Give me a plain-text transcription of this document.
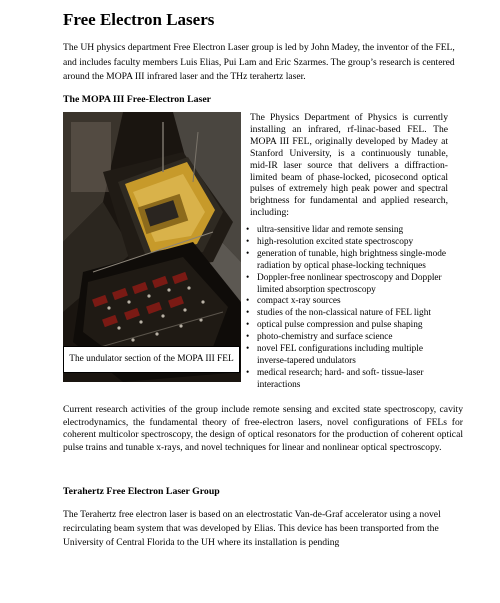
Free Electron Lasers

The UH physics department Free Electron Laser group is led by John Madey, the inventor of the FEL, and includes faculty members Luis Elias, Pui Lam and Eric Szarmes. The group’s research is centered around the MOPA III infrared laser and the THz terahertz laser.

The MOPA III Free-Electron Laser
The undulator section of the MOPA III FEL

The Physics Department of Physics is currently installing an infrared, rf-linac-based FEL. The MOPA III FEL, originally developed by Madey at Stanford University, is a continuously tunable, mid-IR laser source that delivers a diffraction-limited beam of phase-locked, picosecond optical pulses of extremely high peak power and spectral brightness for fundamental and applied research, including:

• ultra-sensitive lidar and remote sensing
• high-resolution excited state spectroscopy
• generation of tunable, high brightness single-mode radiation by optical phase-locking techniques
• Doppler-free nonlinear spectroscopy and Doppler limited absorption spectroscopy
• compact x-ray sources
• studies of the non-classical nature of FEL light
• optical pulse compression and pulse shaping
• photo-chemistry and surface science
• novel FEL configurations including multiple inverse-tapered undulators
• medical research; hard- and soft- tissue-laser interactions

Current research activities of the group include remote sensing and excited state spectroscopy, cavity electrodynamics, the fundamental theory of free-electron lasers, novel configurations of FELs for coherent multicolor spectroscopy, the design of optical resonators for the production of coherent optical pulse trains and tunable x-rays, and novel techniques for linear and nonlinear optical spectroscopy.

Terahertz Free Electron Laser Group

The Terahertz free electron laser is based on an electrostatic Van-de-Graf accelerator using a novel recirculating beam system that was developed by Elias. This device has been transported from the University of Central Florida to the UH where its installation is pending
